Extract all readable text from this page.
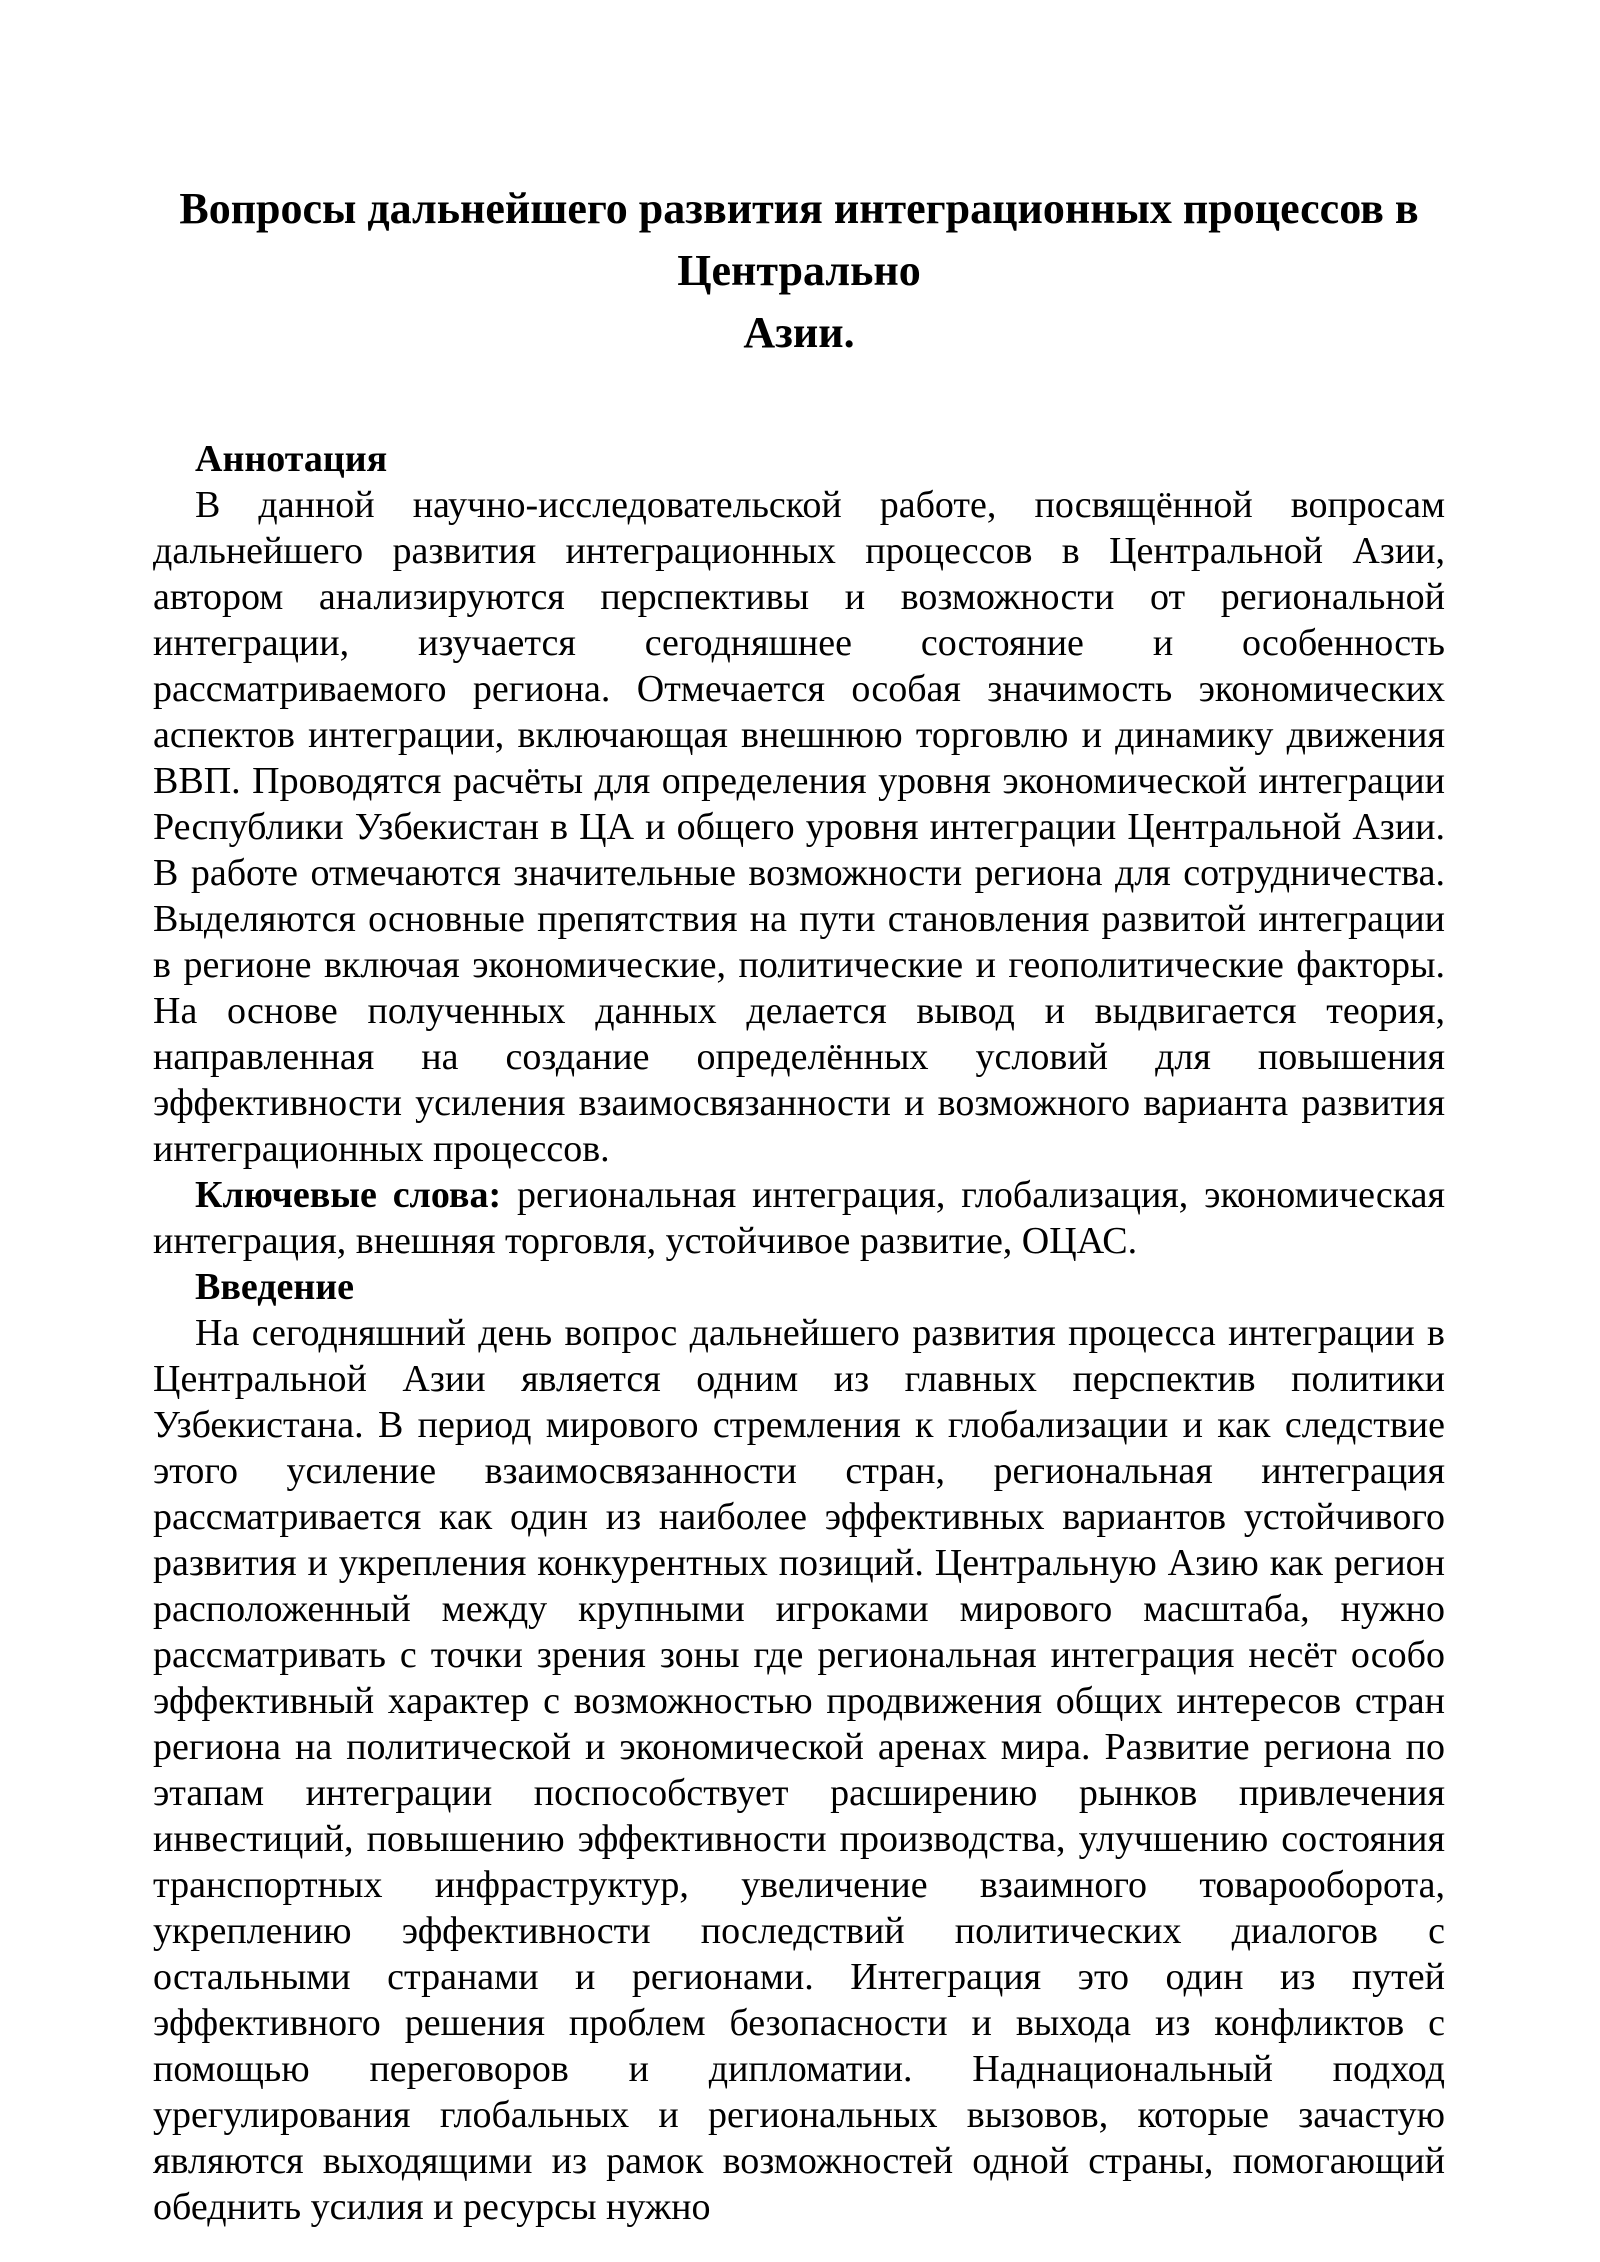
Вопросы дальнейшего развития интеграционных процессов в Центрально
Азии.

Аннотация

В данной научно-исследовательской работе, посвящённой вопросам дальнейшего развития интеграционных процессов в Центральной Азии, автором анализируются перспективы и возможности от региональной интеграции, изучается сегодняшнее состояние и особенность рассматриваемого региона. Отмечается особая значимость экономических аспектов интеграции, включающая внешнюю торговлю и динамику движения ВВП. Проводятся расчёты для определения уровня экономической интеграции Республики Узбекистан в ЦА и общего уровня интеграции Центральной Азии. В работе отмечаются значительные возможности региона для сотрудничества. Выделяются основные препятствия на пути становления развитой интеграции в регионе включая экономические, политические и геополитические факторы. На основе полученных данных делается вывод и выдвигается теория, направленная на создание определённых условий для повышения эффективности усиления взаимосвязанности и возможного варианта развития интеграционных процессов.

Ключевые слова: региональная интеграция, глобализация, экономическая интеграция, внешняя торговля, устойчивое развитие, ОЦАС.

Введение

На сегодняшний день вопрос дальнейшего развития процесса интеграции в Центральной Азии является одним из главных перспектив политики Узбекистана. В период мирового стремления к глобализации и как следствие этого усиление взаимосвязанности стран, региональная интеграция рассматривается как один из наиболее эффективных вариантов устойчивого развития и укрепления конкурентных позиций. Центральную Азию как регион расположенный между крупными игроками мирового масштаба, нужно рассматривать с точки зрения зоны где региональная интеграция несёт особо эффективный характер с возможностью продвижения общих интересов стран региона на политической и экономической аренах мира. Развитие региона по этапам интеграции поспособствует расширению рынков привлечения инвестиций, повышению эффективности производства, улучшению состояния транспортных инфраструктур, увеличение взаимного товарооборота, укреплению эффективности последствий политических диалогов с остальными странами и регионами. Интеграция это один из путей эффективного решения проблем безопасности и выхода из конфликтов с помощью переговоров и дипломатии. Наднациональный подход урегулирования глобальных и региональных вызовов, которые зачастую являются выходящими из рамок возможностей одной страны, помогающий обеднить усилия и ресурсы нужно
